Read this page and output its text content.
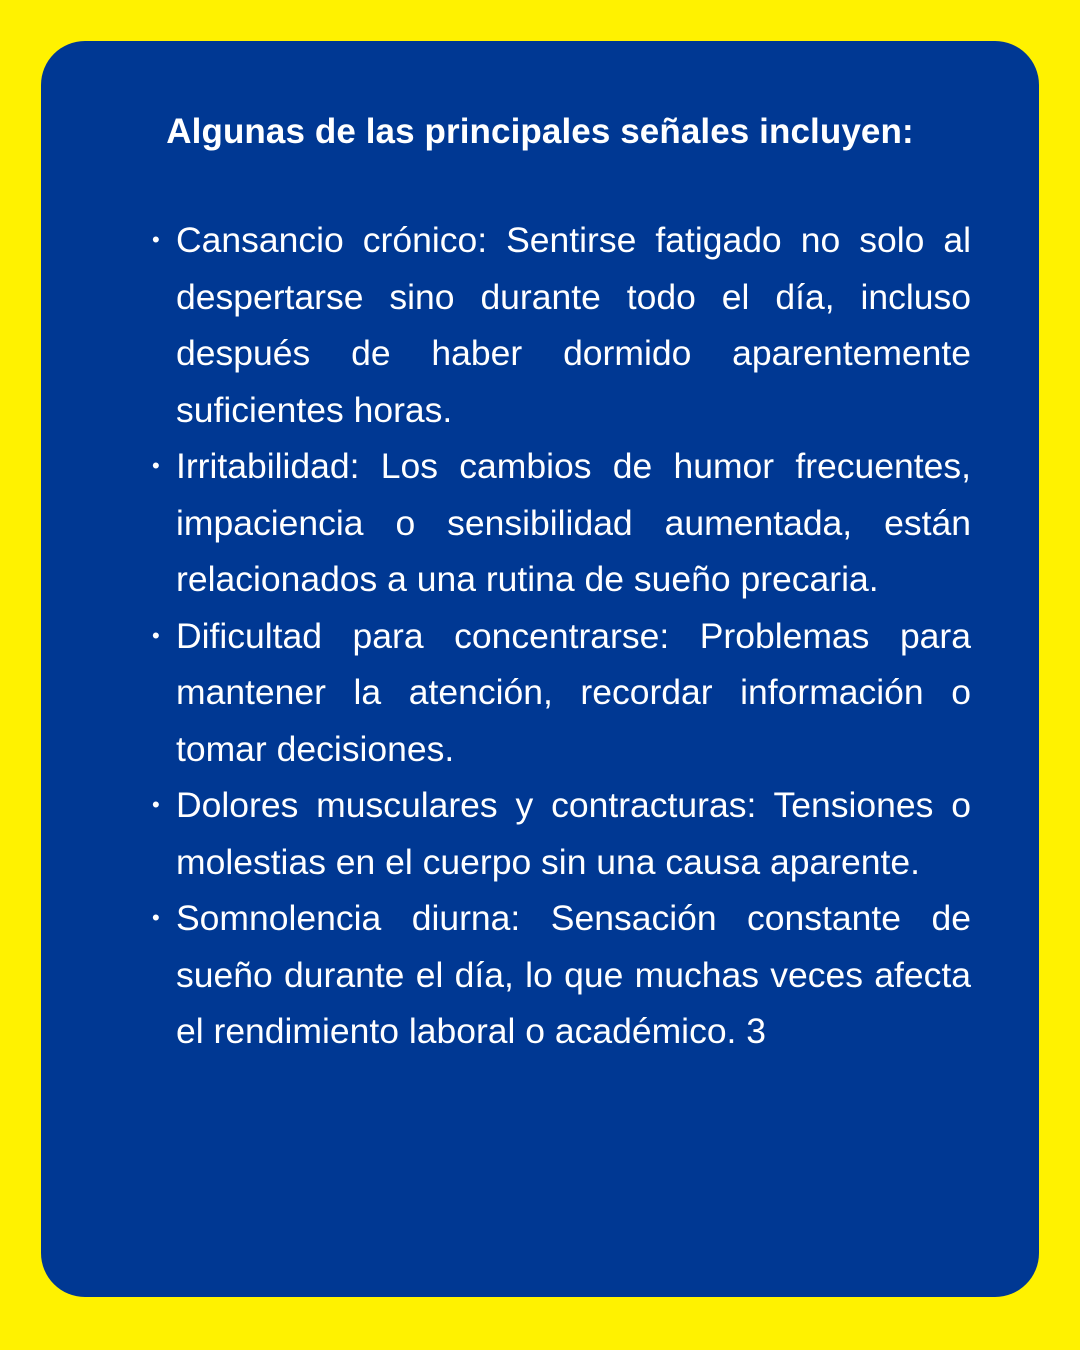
Algunas de las principales señales incluyen:
• Cansancio crónico: Sentirse fatigado no solo al despertarse sino durante todo el día, incluso después de haber dormido aparentemente suficientes horas.
• Irritabilidad: Los cambios de humor frecuentes, impaciencia o sensibilidad aumentada, están relacionados a una rutina de sueño precaria.
• Dificultad para concentrarse: Problemas para mantener la atención, recordar información o tomar decisiones.
• Dolores musculares y contracturas: Tensiones o molestias en el cuerpo sin una causa aparente.
• Somnolencia diurna: Sensación constante de sueño durante el día, lo que muchas veces afecta el rendimiento laboral o académico. 3
